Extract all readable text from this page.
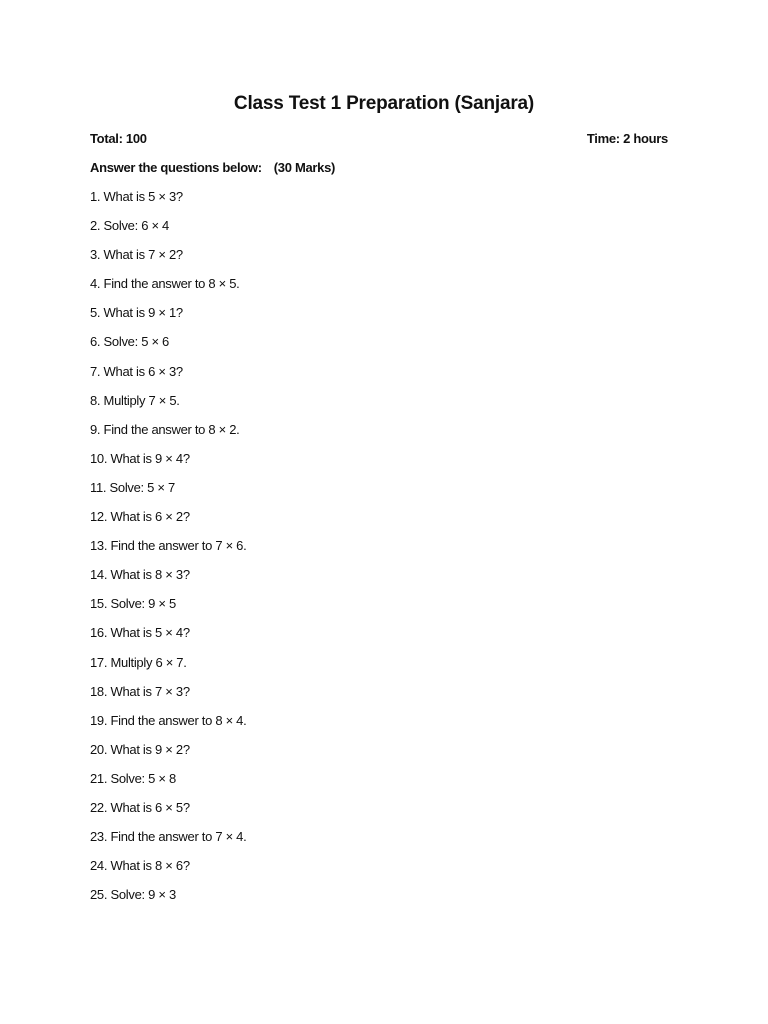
Class Test 1 Preparation (Sanjara)
Total: 100	Time: 2 hours
Answer the questions below: (30 Marks)
1. What is 5 × 3?
2. Solve: 6 × 4
3. What is 7 × 2?
4. Find the answer to 8 × 5.
5. What is 9 × 1?
6. Solve: 5 × 6
7. What is 6 × 3?
8. Multiply 7 × 5.
9. Find the answer to 8 × 2.
10. What is 9 × 4?
11. Solve: 5 × 7
12. What is 6 × 2?
13. Find the answer to 7 × 6.
14. What is 8 × 3?
15. Solve: 9 × 5
16. What is 5 × 4?
17. Multiply 6 × 7.
18. What is 7 × 3?
19. Find the answer to 8 × 4.
20. What is 9 × 2?
21. Solve: 5 × 8
22. What is 6 × 5?
23. Find the answer to 7 × 4.
24. What is 8 × 6?
25. Solve: 9 × 3
